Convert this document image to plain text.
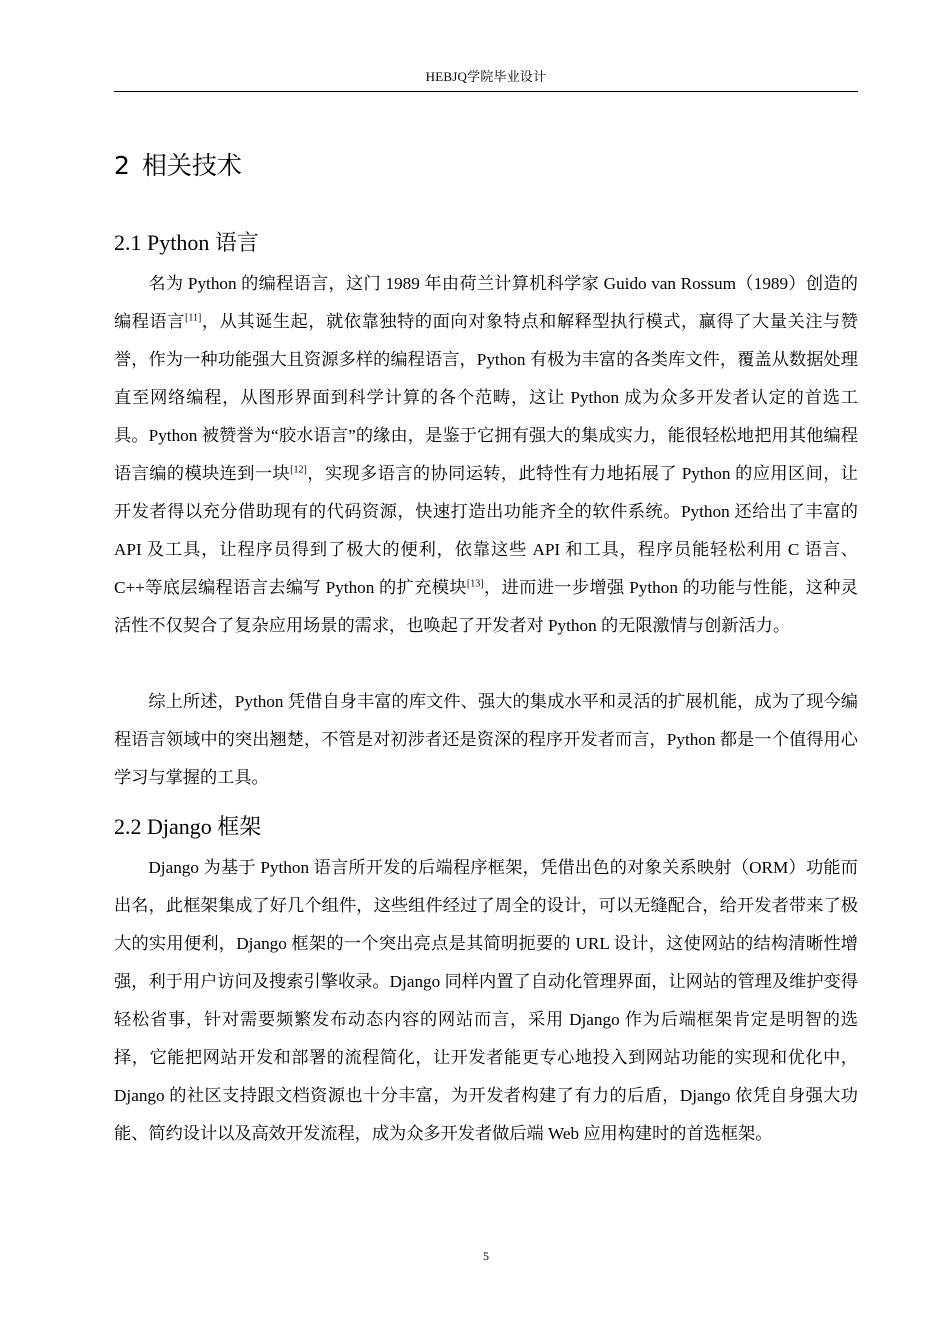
HEBJQ学院毕业设计
2 相关技术
2.1 Python 语言

名为 Python 的编程语言，这门 1989 年由荷兰计算机科学家 Guido van Rossum（1989）创造的编程语言[11]，从其诞生起，就依靠独特的面向对象特点和解释型执行模式，赢得了大量关注与赞誉，作为一种功能强大且资源多样的编程语言，Python 有极为丰富的各类库文件，覆盖从数据处理直至网络编程，从图形界面到科学计算的各个范畴，这让 Python 成为众多开发者认定的首选工具。Python 被赞誉为“胶水语言”的缘由，是鉴于它拥有强大的集成实力，能很轻松地把用其他编程语言编的模块连到一块[12]，实现多语言的协同运转，此特性有力地拓展了 Python 的应用区间，让开发者得以充分借助现有的代码资源，快速打造出功能齐全的软件系统。Python 还给出了丰富的 API 及工具，让程序员得到了极大的便利，依靠这些 API 和工具，程序员能轻松利用 C 语言、C++等底层编程语言去编写 Python 的扩充模块[13]，进而进一步增强 Python 的功能与性能，这种灵活性不仅契合了复杂应用场景的需求，也唤起了开发者对 Python 的无限激情与创新活力。

综上所述，Python 凭借自身丰富的库文件、强大的集成水平和灵活的扩展机能，成为了现今编程语言领域中的突出翘楚，不管是对初涉者还是资深的程序开发者而言，Python 都是一个值得用心学习与掌握的工具。

2.2 Django 框架

Django 为基于 Python 语言所开发的后端程序框架，凭借出色的对象关系映射（ORM）功能而出名，此框架集成了好几个组件，这些组件经过了周全的设计，可以无缝配合，给开发者带来了极大的实用便利，Django 框架的一个突出亮点是其简明扼要的 URL 设计，这使网站的结构清晰性增强，利于用户访问及搜索引擎收录。Django 同样内置了自动化管理界面，让网站的管理及维护变得轻松省事，针对需要频繁发布动态内容的网站而言，采用 Django 作为后端框架肯定是明智的选择，它能把网站开发和部署的流程简化，让开发者能更专心地投入到网站功能的实现和优化中，Django 的社区支持跟文档资源也十分丰富，为开发者构建了有力的后盾，Django 依凭自身强大功能、简约设计以及高效开发流程，成为众多开发者做后端 Web 应用构建时的首选框架。

5
